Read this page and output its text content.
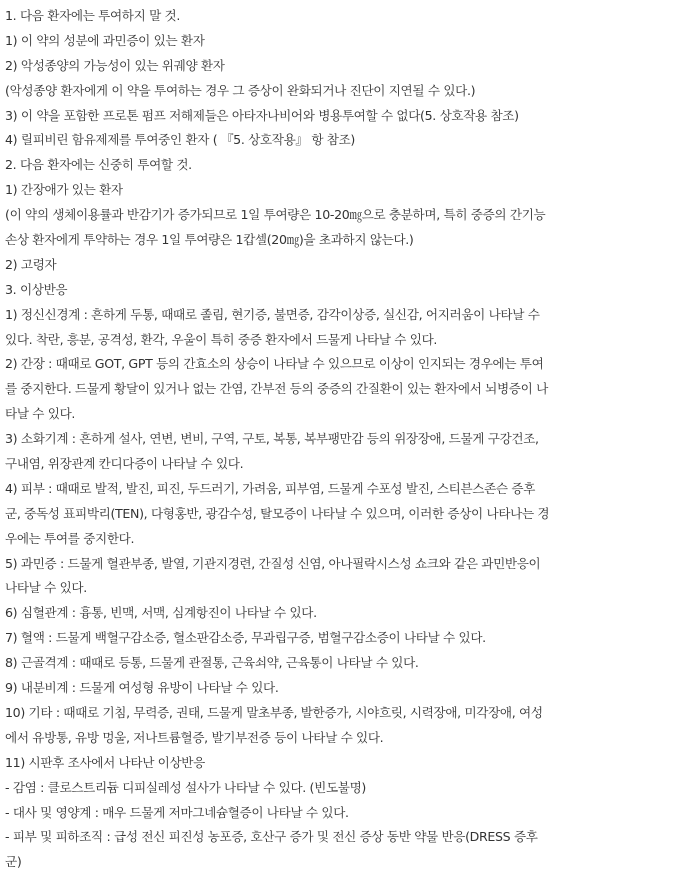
1. 다음 환자에는 투여하지 말 것.
1) 이 약의 성분에 과민증이 있는 환자
2) 악성종양의 가능성이 있는 위궤양 환자
(악성종양 환자에게 이 약을 투여하는 경우 그 증상이 완화되거나 진단이 지연될 수 있다.)
3) 이 약을 포함한 프로톤 펌프 저해제들은 아타자나비어와 병용투여할 수 없다(5. 상호작용 참조)
4) 릴피비린 함유제제를 투여중인 환자 ( 『5. 상호작용』 항 참조)
2. 다음 환자에는 신중히 투여할 것.
1) 간장애가 있는 환자
(이 약의 생체이용률과 반감기가 증가되므로 1일 투여량은 10-20㎎으로 충분하며, 특히 중증의 간기능
손상 환자에게 투약하는 경우 1일 투여량은 1캅셀(20㎎)을 초과하지 않는다.)
2) 고령자
3. 이상반응
1) 정신신경계 : 흔하게 두통, 때때로 졸림, 현기증, 불면증, 감각이상증, 실신감, 어지러움이 나타날 수
있다. 착란, 흥분, 공격성, 환각, 우울이 특히 중증 환자에서 드물게 나타날 수 있다.
2) 간장 : 때때로 GOT, GPT 등의 간효소의 상승이 나타날 수 있으므로 이상이 인지되는 경우에는 투여
를 중지한다. 드물게 황달이 있거나 없는 간염, 간부전 등의 중증의 간질환이 있는 환자에서 뇌병증이 나
타날 수 있다.
3) 소화기계 : 흔하게 설사, 연변, 변비, 구역, 구토, 복통, 복부팽만감 등의 위장장애, 드물게 구강건조,
구내염, 위장관계 칸디다증이 나타날 수 있다.
4) 피부 : 때때로 발적, 발진, 피진, 두드러기, 가려움, 피부염, 드물게 수포성 발진, 스티븐스존슨 증후
군, 중독성 표피박리(TEN), 다형홍반, 광감수성, 탈모증이 나타날 수 있으며, 이러한 증상이 나타나는 경
우에는 투여를 중지한다.
5) 과민증 : 드물게 혈관부종, 발열, 기관지경련, 간질성 신염, 아나필락시스성 쇼크와 같은 과민반응이
나타날 수 있다.
6) 심혈관계 : 흉통, 빈맥, 서맥, 심계항진이 나타날 수 있다.
7) 혈액 : 드물게 백혈구감소증, 혈소판감소증, 무과립구증, 범혈구감소증이 나타날 수 있다.
8) 근골격계 : 때때로 등통, 드물게 관절통, 근육쇠약, 근육통이 나타날 수 있다.
9) 내분비계 : 드물게 여성형 유방이 나타날 수 있다.
10) 기타 : 때때로 기침, 무력증, 권태, 드물게 말초부종, 발한증가, 시야흐릿, 시력장애, 미각장애, 여성
에서 유방통, 유방 멍울, 저나트륨혈증, 발기부전증 등이 나타날 수 있다.
11) 시판후 조사에서 나타난 이상반응
- 감염 : 클로스트리듐 디피실레성 설사가 나타날 수 있다. (빈도불명)
- 대사 및 영양계 : 매우 드물게 저마그네슘혈증이 나타날 수 있다.
- 피부 및 피하조직 : 급성 전신 피진성 농포증, 호산구 증가 및 전신 증상 동반 약물 반응(DRESS 증후
군)
